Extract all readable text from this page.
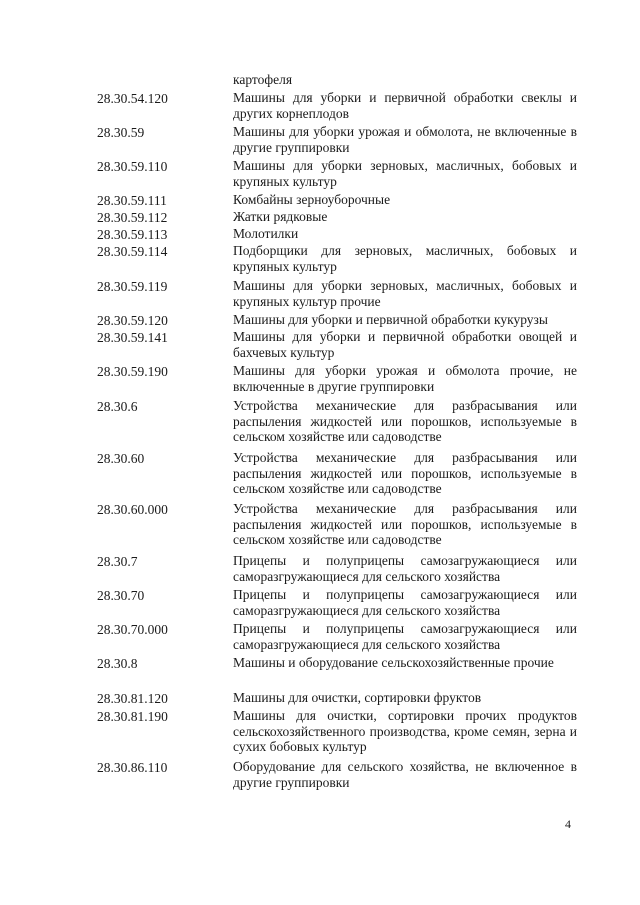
картофеля
28.30.54.120	Машины для уборки и первичной обработки свеклы и других корнеплодов
28.30.59	Машины для уборки урожая и обмолота, не включенные в другие группировки
28.30.59.110	Машины для уборки зерновых, масличных, бобовых и крупяных культур
28.30.59.111	Комбайны зерноуборочные
28.30.59.112	Жатки рядковые
28.30.59.113	Молотилки
28.30.59.114	Подборщики для зерновых, масличных, бобовых и крупяных культур
28.30.59.119	Машины для уборки зерновых, масличных, бобовых и крупяных культур прочие
28.30.59.120	Машины для уборки и первичной обработки кукурузы
28.30.59.141	Машины для уборки и первичной обработки овощей и бахчевых культур
28.30.59.190	Машины для уборки урожая и обмолота прочие, не включенные в другие группировки
28.30.6	Устройства механические для разбрасывания или распыления жидкостей или порошков, используемые в сельском хозяйстве или садоводстве
28.30.60	Устройства механические для разбрасывания или распыления жидкостей или порошков, используемые в сельском хозяйстве или садоводстве
28.30.60.000	Устройства механические для разбрасывания или распыления жидкостей или порошков, используемые в сельском хозяйстве или садоводстве
28.30.7	Прицепы и полуприцепы самозагружающиеся или саморазгружающиеся для сельского хозяйства
28.30.70	Прицепы и полуприцепы самозагружающиеся или саморазгружающиеся для сельского хозяйства
28.30.70.000	Прицепы и полуприцепы самозагружающиеся или саморазгружающиеся для сельского хозяйства
28.30.8	Машины и оборудование сельскохозяйственные прочие
28.30.81.120	Машины для очистки, сортировки фруктов
28.30.81.190	Машины для очистки, сортировки прочих продуктов сельскохозяйственного производства, кроме семян, зерна и сухих бобовых культур
28.30.86.110	Оборудование для сельского хозяйства, не включенное в другие группировки
4
